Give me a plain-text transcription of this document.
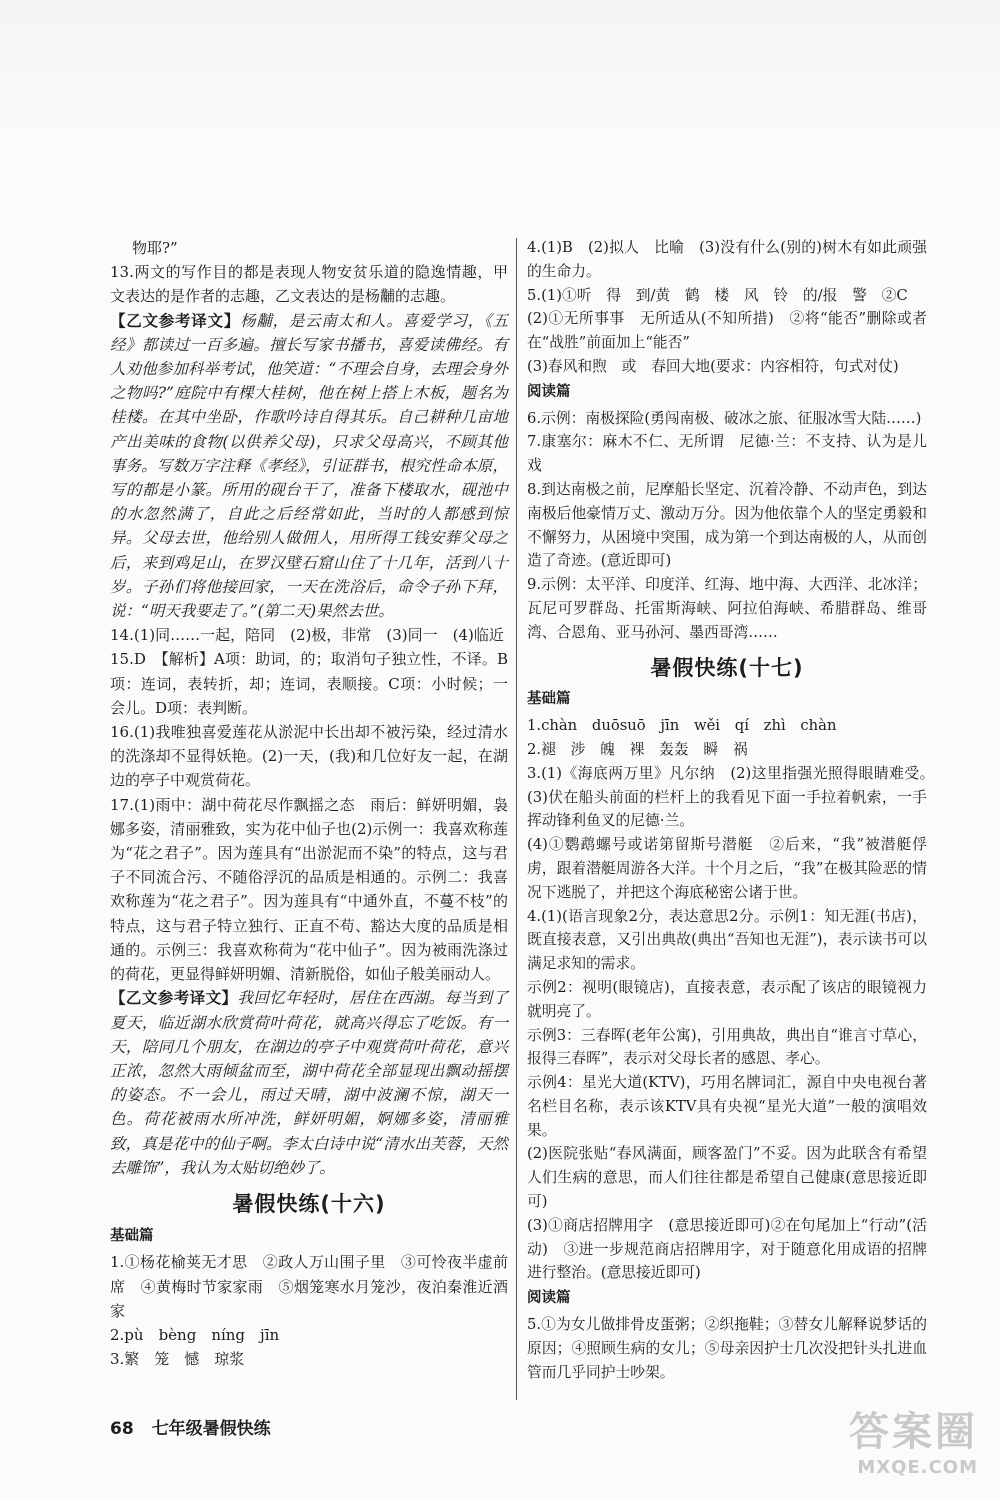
物耶?”

13.两文的写作目的都是表现人物安贫乐道的隐逸情趣，甲文表达的是作者的志趣，乙文表达的是杨黼的志趣。

【乙文参考译文】杨黼，是云南太和人。喜爱学习，《五经》都读过一百多遍。擅长写家书播书，喜爱读佛经。有人劝他参加科举考试，他笑道：“不理会自身，去理会身外之物吗?”庭院中有棵大桂树，他在树上搭上木板，题名为桂楼。在其中坐卧，作歌吟诗自得其乐。自己耕种几亩地产出美味的食物(以供养父母)，只求父母高兴，不顾其他事务。写数万字注释《孝经》，引证群书，根究性命本原，写的都是小篆。所用的砚台干了，准备下楼取水，砚池中的水忽然满了，自此之后经常如此，当时的人都感到惊异。父母去世，他给别人做佣人，用所得工钱安葬父母之后，来到鸡足山，在罗汉壁石窟山住了十几年，活到八十岁。子孙们将他接回家，一天在洗浴后，命令子孙下拜，说：“明天我要走了。”(第二天)果然去世。

14.(1)同……一起，陪同　(2)极，非常　(3)同一　(4)临近

15.D　【解析】A项：助词，的；取消句子独立性，不译。B项：连词，表转折，却；连词，表顺接。C项：小时候；一会儿。D项：表判断。

16.(1)我唯独喜爱莲花从淤泥中长出却不被污染，经过清水的洗涤却不显得妖艳。(2)一天，(我)和几位好友一起，在湖边的亭子中观赏荷花。

17.(1)雨中：湖中荷花尽作飘摇之态　雨后：鲜妍明媚，袅娜多姿，清丽雅致，实为花中仙子也(2)示例一：我喜欢称莲为“花之君子”。因为莲具有“出淤泥而不染”的特点，这与君子不同流合污、不随俗浮沉的品质是相通的。示例二：我喜欢称莲为“花之君子”。因为莲具有“中通外直，不蔓不枝”的特点，这与君子特立独行、正直不苟、豁达大度的品质是相通的。示例三：我喜欢称荷为“花中仙子”。因为被雨洗涤过的荷花，更显得鲜妍明媚、清新脱俗，如仙子般美丽动人。

【乙文参考译文】我回忆年轻时，居住在西湖。每当到了夏天，临近湖水欣赏荷叶荷花，就高兴得忘了吃饭。有一天，陪同几个朋友，在湖边的亭子中观赏荷叶荷花，意兴正浓，忽然大雨倾盆而至，湖中荷花全部显现出飘动摇摆的姿态。不一会儿，雨过天晴，湖中波澜不惊，湖天一色。荷花被雨水所冲洗，鲜妍明媚，婀娜多姿，清丽雅致，真是花中的仙子啊。李太白诗中说“清水出芙蓉，天然去雕饰”，我认为太贴切绝妙了。

暑假快练(十六)
基础篇

1.①杨花榆荚无才思　②政人万山围子里　③可怜夜半虚前席　④黄梅时节家家雨　⑤烟笼寒水月笼沙，夜泊秦淮近酒家

2.pù　bèng　níng　jīn

3.繁　笼　憾　琼浆

4.(1)B　(2)拟人　比喻　(3)没有什么(别的)树木有如此顽强的生命力。

5.(1)①听　得　到/黄　鹤　楼　风　铃　的/报　警　②C

(2)①无所事事　无所适从(不知所措)　②将“能否”删除或者在“战胜”前面加上“能否”

(3)春风和煦　或　春回大地(要求：内容相符，句式对仗)

阅读篇

6.示例：南极探险(勇闯南极、破冰之旅、征服冰雪大陆……)

7.康塞尔：麻木不仁、无所谓　尼德·兰：不支持、认为是儿戏

8.到达南极之前，尼摩船长坚定、沉着冷静、不动声色，到达南极后他豪情万丈、激动万分。因为他依靠个人的坚定勇毅和不懈努力，从困境中突围，成为第一个到达南极的人，从而创造了奇迹。(意近即可)

9.示例：太平洋、印度洋、红海、地中海、大西洋、北冰洋；瓦尼可罗群岛、托雷斯海峡、阿拉伯海峡、希腊群岛、维哥湾、合恩角、亚马孙河、墨西哥湾……

暑假快练(十七)
基础篇

1.chàn　duōsuō　jīn　wěi　qí　zhì　chàn

2.褪　涉　魄　裸　轰轰　瞬　祸

3.(1)《海底两万里》凡尔纳　(2)这里指强光照得眼睛难受。　(3)伏在船头前面的栏杆上的我看见下面一手拉着帆索，一手挥动锋利鱼叉的尼德·兰。

(4)①鹦鹉螺号或诺第留斯号潜艇　②后来，“我”被潜艇俘虏，跟着潜艇周游各大洋。十个月之后，“我”在极其险恶的情况下逃脱了，并把这个海底秘密公诸于世。

4.(1)(语言现象2分，表达意思2分。示例1：知无涯(书店)，既直接表意，又引出典故(典出“吾知也无涯”)，表示读书可以满足求知的需求。

示例2：视明(眼镜店)，直接表意，表示配了该店的眼镜视力就明亮了。

示例3：三春晖(老年公寓)，引用典故，典出自“谁言寸草心，报得三春晖”，表示对父母长者的感恩、孝心。

示例4：星光大道(KTV)，巧用名牌词汇，源自中央电视台著名栏目名称，表示该KTV具有央视“星光大道”一般的演唱效果。

(2)医院张贴“春风满面，顾客盈门”不妥。因为此联含有希望人们生病的意思，而人们往往都是希望自己健康(意思接近即可)

(3)①商店招牌用字　(意思接近即可)②在句尾加上“行动”(活动)　③进一步规范商店招牌用字，对于随意化用成语的招牌进行整治。(意思接近即可)

阅读篇

5.①为女儿做排骨皮蛋粥；②织拖鞋；③替女儿解释说梦话的原因；④照顾生病的女儿；⑤母亲因护士几次没把针头扎进血管而几乎同护士吵架。

68 七年级暑假快练	答案圈
MXQE.COM
